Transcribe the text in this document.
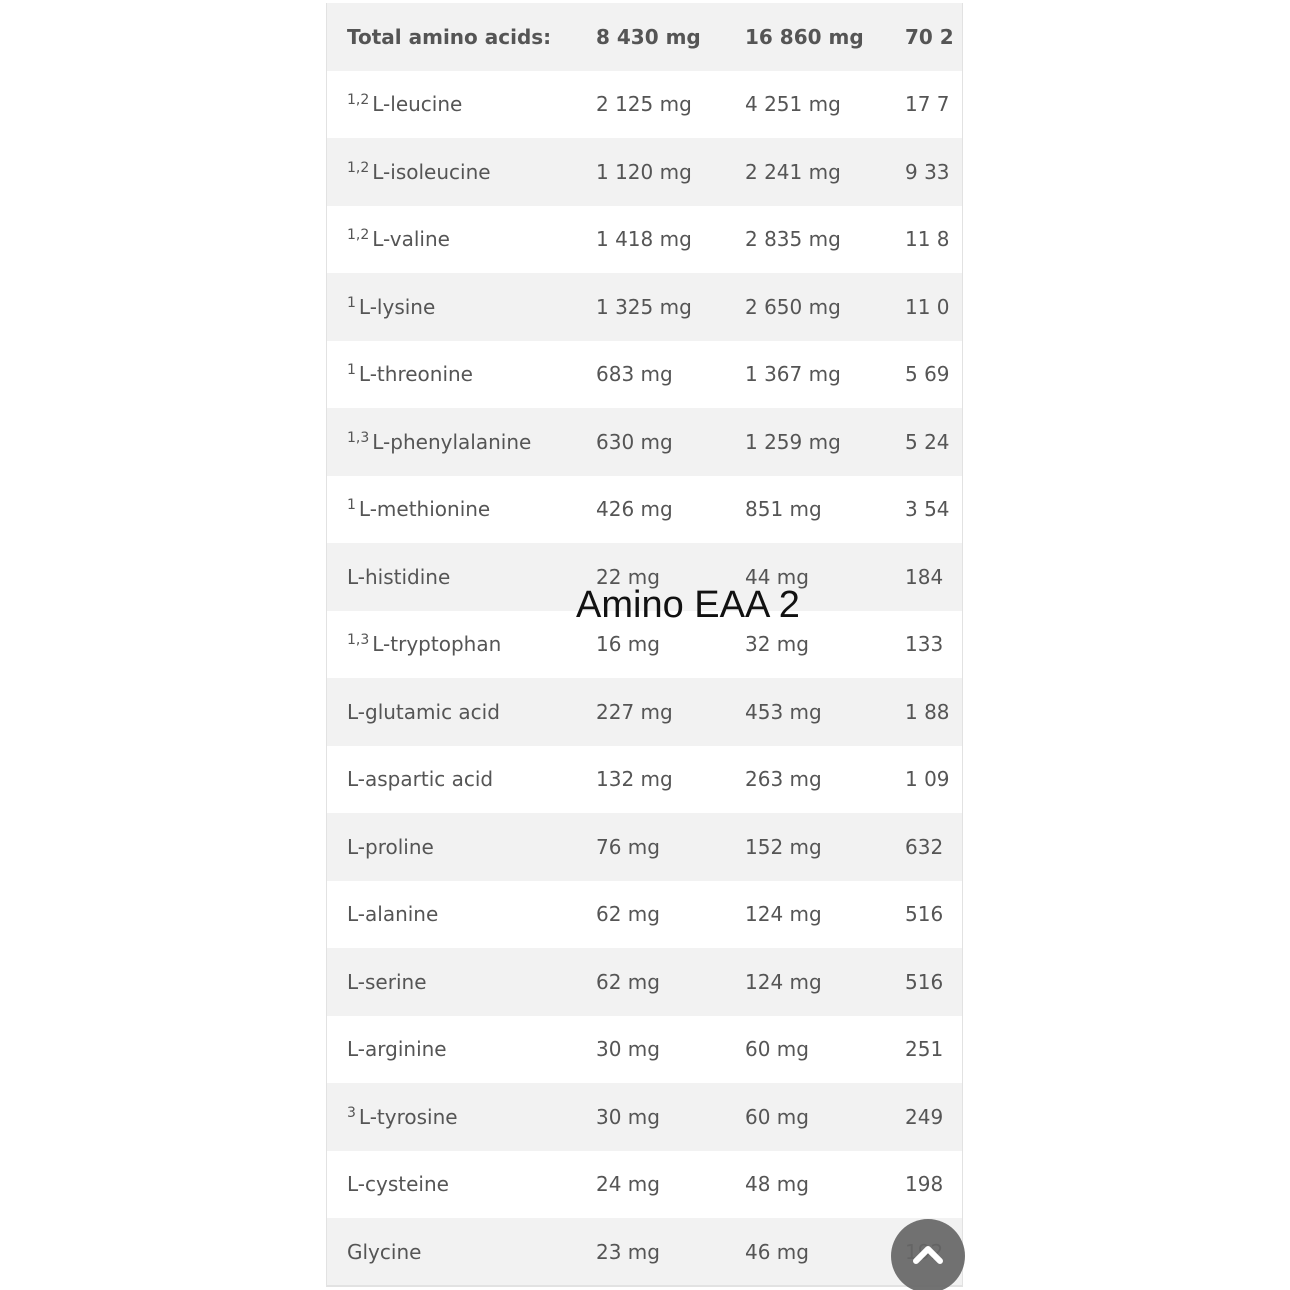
Total amino acids:	8 430 mg	16 860 mg	70 2
$^{1,2}$ L-leucine	2 125 mg	4 251 mg	17 7
$^{1,2}$ L-isoleucine	1 120 mg	2 241 mg	9 33
$^{1,2}$ L-valine	1 418 mg	2 835 mg	11 8
$^1$ L-lysine	1 325 mg	2 650 mg	11 0
$^1$ L-threonine	683 mg	1 367 mg	5 69
$^{1,3}$ L-phenylalanine	630 mg	1 259 mg	5 24
$^1$ L-methionine	426 mg	851 mg	3 54
L-histidine	22 mg	44 mg	184
$^{1,3}$ L-tryptophan	16 mg	32 mg	133
L-glutamic acid	227 mg	453 mg	1 88
L-aspartic acid	132 mg	263 mg	1 09
L-proline	76 mg	152 mg	632
L-alanine	62 mg	124 mg	516
L-serine	62 mg	124 mg	516
L-arginine	30 mg	60 mg	251
$^3$ L-tyrosine	30 mg	60 mg	249
L-cysteine	24 mg	48 mg	198
Glycine	23 mg	46 mg	
Amino EAA 2
